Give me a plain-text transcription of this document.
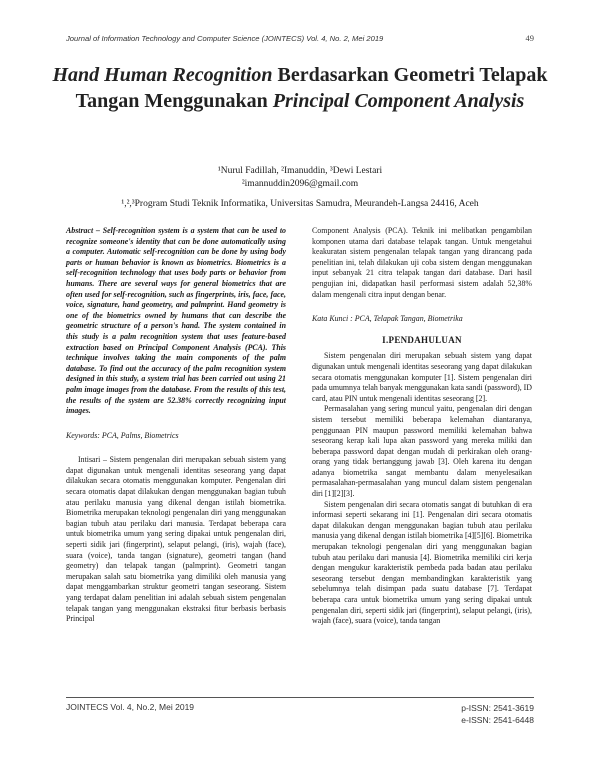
Journal of Information Technology and Computer Science (JOINTECS) Vol. 4, No. 2, Mei 2019	49
Hand Human Recognition Berdasarkan Geometri Telapak Tangan Menggunakan Principal Component Analysis
¹Nurul Fadillah, ²Imanuddin, ³Dewi Lestari
²imannuddin2096@gmail.com
¹,²,³Program Studi Teknik Informatika, Universitas Samudra, Meurandeh-Langsa 24416, Aceh
Abstract – Self-recognition system is a system that can be used to recognize someone's identity that can be done automatically using a computer. Automatic self-recognition can be done by using body parts or human behavior is known as biometrics. Biometrics is a self-recognition technology that uses body parts or behavior from humans. There are several ways for general biometrics that are often used for self-recognition, such as fingerprints, iris, face, face, voice, signature, hand geometry, and palmprint. Hand geometry is one of the biometrics owned by humans that can describe the geometric structure of a person's hand. The system contained in this study is a palm recognition system that uses feature-based extraction based on Principal Component Analysis (PCA). This technique involves taking the main components of the palm database. To find out the accuracy of the palm recognition system designed in this study, a system trial has been carried out using 21 palm image images from the database. From the results of this test, the results of the system are 52.38% correctly recognizing input images.
Keywords: PCA, Palms, Biometrics

Intisari – Sistem pengenalan diri merupakan sebuah sistem yang dapat digunakan untuk mengenali identitas seseorang yang dapat dilakukan secara otomatis menggunakan komputer. Pengenalan diri secara otomatis dapat dilakukan dengan menggunakan bagian tubuh atau perilaku manusia yang dikenal dengan istilah biometrika. Biometrika merupakan teknologi pengenalan diri yang menggunakan bagian tubuh atau perilaku dari manusia. Terdapat beberapa cara untuk biometrika umum yang sering dipakai untuk pengenalan diri, seperti sidik jari (fingerprint), selaput pelangi, (iris), wajah (face), suara (voice), tanda tangan (signature), geometri tangan (hand geometry) dan telapak tangan (palmprint). Geometri tangan merupakan salah satu biometrika yang dimiliki oleh manusia yang dapat menggambarkan struktur geometri tangan seseorang. Sistem yang terdapat dalam penelitian ini adalah sebuah sistem pengenalan telapak tangan yang menggunakan ekstraksi fitur berbasis berbasis Principal

Component Analysis (PCA). Teknik ini melibatkan pengambilan komponen utama dari database telapak tangan. Untuk mengetahui keakuratan sistem pengenalan telapak tangan yang dirancang pada penelitian ini, telah dilakukan uji coba sistem dengan menggunakan input sebanyak 21 citra telapak tangan dari database. Dari hasil pengujian ini, didapatkan hasil performasi sistem adalah 52,38% dalam mengenali citra input dengan benar.
Kata Kunci : PCA, Telapak Tangan, Biometrika
I.PENDAHULUAN

Sistem pengenalan diri merupakan sebuah sistem yang dapat digunakan untuk mengenali identitas seseorang yang dapat dilakukan secara otomatis menggunakan komputer [1]. Sistem pengenalan diri pada umumnya telah banyak menggunakan kata sandi (password), ID card, atau PIN untuk mengenali identitas seseorang [2].

Permasalahan yang sering muncul yaitu, pengenalan diri dengan sistem tersebut memiliki beberapa kelemahan diantaranya, penggunaan PIN maupun password memiliki kelemahan bahwa seseorang kerap kali lupa akan password yang mereka miliki dan beberapa password dapat dengan mudah di perkirakan oleh orang-orang yang tidak bertanggung jawab [3]. Oleh karena itu dengan adanya biometrika sangat membantu dalam menyelesaikan permasalahan-permasalahan yang muncul dalam sistem pengenalan diri [1][2][3].

Sistem pengenalan diri secara otomatis sangat di butuhkan di era informasi seperti sekarang ini [1]. Pengenalan diri secara otomatis dapat dilakukan dengan menggunakan bagian tubuh atau perilaku manusia yang dikenal dengan istilah biometrika [4][5][6]. Biometrika merupakan teknologi pengenalan diri yang menggunakan bagian tubuh atau perilaku dari manusia [4]. Biometrika memiliki ciri kerja dengan mengukur karakteristik pembeda pada badan atau perilaku seseorang tersebut dengan membandingkan karakteristik yang sebelumnya telah disimpan pada suatu database [7]. Terdapat beberapa cara untuk biometrika umum yang sering dipakai untuk pengenalan diri, seperti sidik jari (fingerprint), selaput pelangi, (iris), wajah (face), suara (voice), tanda tangan

JOINTECS Vol. 4, No.2, Mei 2019	p-ISSN: 2541-3619
e-ISSN: 2541-6448
